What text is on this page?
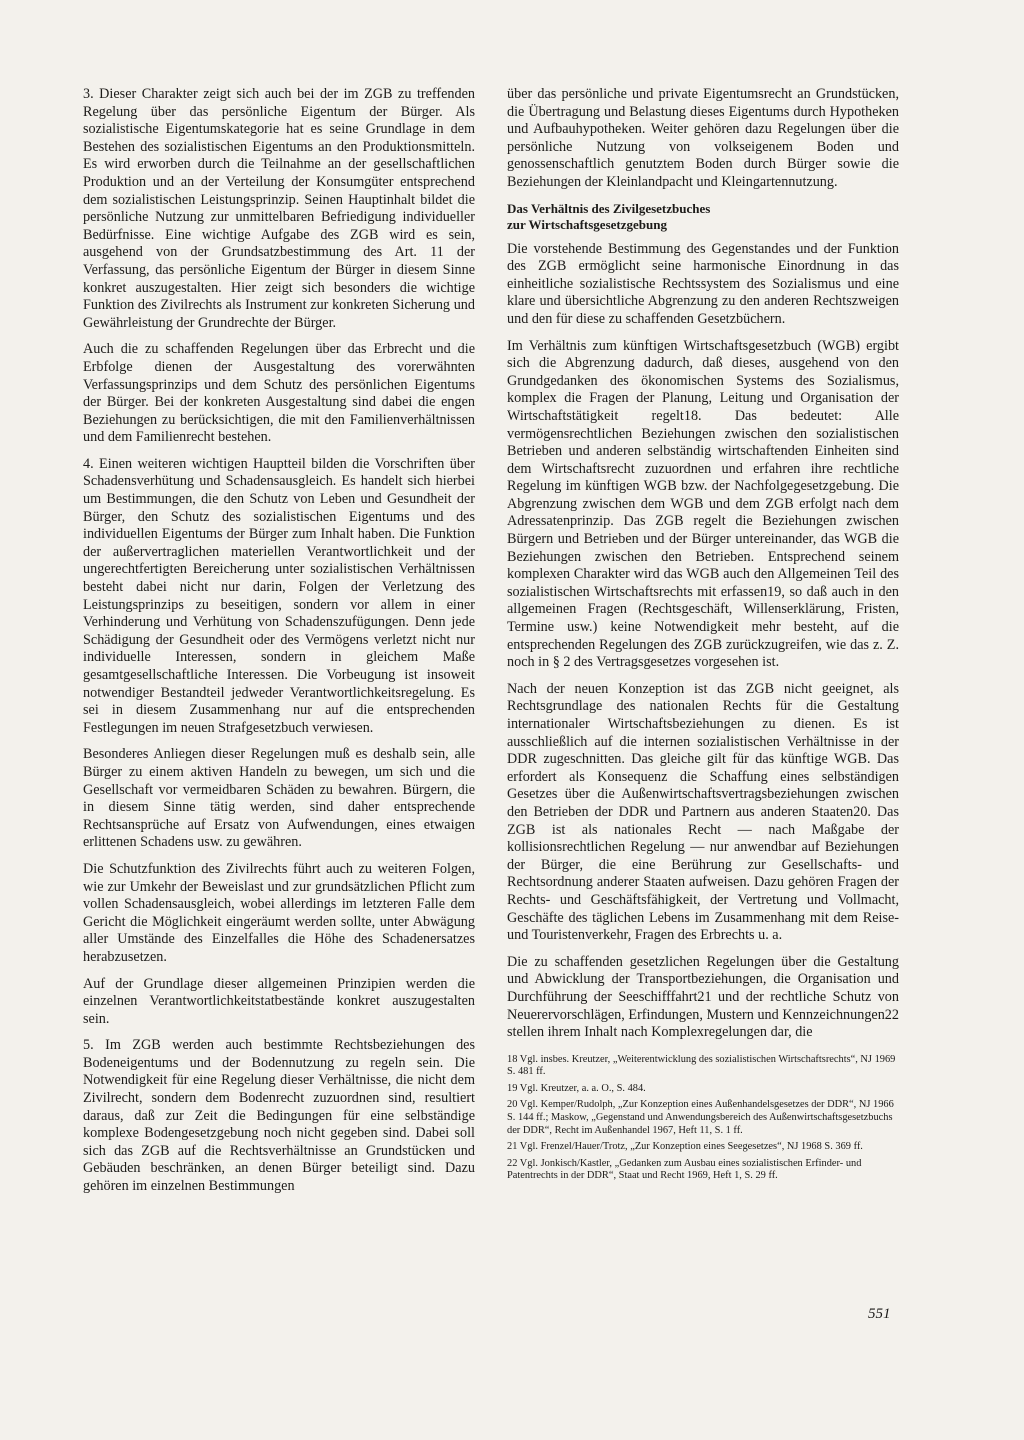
3. Dieser Charakter zeigt sich auch bei der im ZGB zu treffenden Regelung über das persönliche Eigentum der Bürger. Als sozialistische Eigentumskategorie hat es seine Grundlage in dem Bestehen des sozialistischen Eigentums an den Produktionsmitteln. Es wird erworben durch die Teilnahme an der gesellschaftlichen Produktion und an der Verteilung der Konsumgüter entsprechend dem sozialistischen Leistungsprinzip. Seinen Hauptinhalt bildet die persönliche Nutzung zur unmittelbaren Befriedigung individueller Bedürfnisse. Eine wichtige Aufgabe des ZGB wird es sein, ausgehend von der Grundsatzbestimmung des Art. 11 der Verfassung, das persönliche Eigentum der Bürger in diesem Sinne konkret auszugestalten. Hier zeigt sich besonders die wichtige Funktion des Zivilrechts als Instrument zur konkreten Sicherung und Gewährleistung der Grundrechte der Bürger.

Auch die zu schaffenden Regelungen über das Erbrecht und die Erbfolge dienen der Ausgestaltung des vorerwähnten Verfassungsprinzips und dem Schutz des persönlichen Eigentums der Bürger. Bei der konkreten Ausgestaltung sind dabei die engen Beziehungen zu berücksichtigen, die mit den Familienverhältnissen und dem Familienrecht bestehen.

4. Einen weiteren wichtigen Hauptteil bilden die Vorschriften über Schadensverhütung und Schadensausgleich. Es handelt sich hierbei um Bestimmungen, die den Schutz von Leben und Gesundheit der Bürger, den Schutz des sozialistischen Eigentums und des individuellen Eigentums der Bürger zum Inhalt haben. Die Funktion der außervertraglichen materiellen Verantwortlichkeit und der ungerechtfertigten Bereicherung unter sozialistischen Verhältnissen besteht dabei nicht nur darin, Folgen der Verletzung des Leistungsprinzips zu beseitigen, sondern vor allem in einer Verhinderung und Verhütung von Schadenszufügungen. Denn jede Schädigung der Gesundheit oder des Vermögens verletzt nicht nur individuelle Interessen, sondern in gleichem Maße gesamtgesellschaftliche Interessen. Die Vorbeugung ist insoweit notwendiger Bestandteil jedweder Verantwortlichkeitsregelung. Es sei in diesem Zusammenhang nur auf die entsprechenden Festlegungen im neuen Strafgesetzbuch verwiesen.

Besonderes Anliegen dieser Regelungen muß es deshalb sein, alle Bürger zu einem aktiven Handeln zu bewegen, um sich und die Gesellschaft vor vermeidbaren Schäden zu bewahren. Bürgern, die in diesem Sinne tätig werden, sind daher entsprechende Rechtsansprüche auf Ersatz von Aufwendungen, eines etwaigen erlittenen Schadens usw. zu gewähren.

Die Schutzfunktion des Zivilrechts führt auch zu weiteren Folgen, wie zur Umkehr der Beweislast und zur grundsätzlichen Pflicht zum vollen Schadensausgleich, wobei allerdings im letzteren Falle dem Gericht die Möglichkeit eingeräumt werden sollte, unter Abwägung aller Umstände des Einzelfalles die Höhe des Schadenersatzes herabzusetzen.

Auf der Grundlage dieser allgemeinen Prinzipien werden die einzelnen Verantwortlichkeitstatbestände konkret auszugestalten sein.

5. Im ZGB werden auch bestimmte Rechtsbeziehungen des Bodeneigentums und der Bodennutzung zu regeln sein. Die Notwendigkeit für eine Regelung dieser Verhältnisse, die nicht dem Zivilrecht, sondern dem Bodenrecht zuzuordnen sind, resultiert daraus, daß zur Zeit die Bedingungen für eine selbständige komplexe Bodengesetzgebung noch nicht gegeben sind. Dabei soll sich das ZGB auf die Rechtsverhältnisse an Grundstücken und Gebäuden beschränken, an denen Bürger beteiligt sind. Dazu gehören im einzelnen Bestimmungen

über das persönliche und private Eigentumsrecht an Grundstücken, die Übertragung und Belastung dieses Eigentums durch Hypotheken und Aufbauhypotheken. Weiter gehören dazu Regelungen über die persönliche Nutzung von volkseigenem Boden und genossenschaftlich genutztem Boden durch Bürger sowie die Beziehungen der Kleinlandpacht und Kleingartennutzung.

Das Verhältnis des Zivilgesetzbuches
zur Wirtschaftsgesetzgebung

Die vorstehende Bestimmung des Gegenstandes und der Funktion des ZGB ermöglicht seine harmonische Einordnung in das einheitliche sozialistische Rechtssystem des Sozialismus und eine klare und übersichtliche Abgrenzung zu den anderen Rechtszweigen und den für diese zu schaffenden Gesetzbüchern.

Im Verhältnis zum künftigen Wirtschaftsgesetzbuch (WGB) ergibt sich die Abgrenzung dadurch, daß dieses, ausgehend von den Grundgedanken des ökonomischen Systems des Sozialismus, komplex die Fragen der Planung, Leitung und Organisation der Wirtschaftstätigkeit regelt18. Das bedeutet: Alle vermögensrechtlichen Beziehungen zwischen den sozialistischen Betrieben und anderen selbständig wirtschaftenden Einheiten sind dem Wirtschaftsrecht zuzuordnen und erfahren ihre rechtliche Regelung im künftigen WGB bzw. der Nachfolgegesetzgebung. Die Abgrenzung zwischen dem WGB und dem ZGB erfolgt nach dem Adressatenprinzip. Das ZGB regelt die Beziehungen zwischen Bürgern und Betrieben und der Bürger untereinander, das WGB die Beziehungen zwischen den Betrieben. Entsprechend seinem komplexen Charakter wird das WGB auch den Allgemeinen Teil des sozialistischen Wirtschaftsrechts mit erfassen19, so daß auch in den allgemeinen Fragen (Rechtsgeschäft, Willenserklärung, Fristen, Termine usw.) keine Notwendigkeit mehr besteht, auf die entsprechenden Regelungen des ZGB zurückzugreifen, wie das z. Z. noch in § 2 des Vertragsgesetzes vorgesehen ist.

Nach der neuen Konzeption ist das ZGB nicht geeignet, als Rechtsgrundlage des nationalen Rechts für die Gestaltung internationaler Wirtschaftsbeziehungen zu dienen. Es ist ausschließlich auf die internen sozialistischen Verhältnisse in der DDR zugeschnitten. Das gleiche gilt für das künftige WGB. Das erfordert als Konsequenz die Schaffung eines selbständigen Gesetzes über die Außenwirtschaftsvertragsbeziehungen zwischen den Betrieben der DDR und Partnern aus anderen Staaten20. Das ZGB ist als nationales Recht — nach Maßgabe der kollisionsrechtlichen Regelung — nur anwendbar auf Beziehungen der Bürger, die eine Berührung zur Gesellschafts- und Rechtsordnung anderer Staaten aufweisen. Dazu gehören Fragen der Rechts- und Geschäftsfähigkeit, der Vertretung und Vollmacht, Geschäfte des täglichen Lebens im Zusammenhang mit dem Reise- und Touristenverkehr, Fragen des Erbrechts u. a.

Die zu schaffenden gesetzlichen Regelungen über die Gestaltung und Abwicklung der Transportbeziehungen, die Organisation und Durchführung der Seeschifffahrt21 und der rechtliche Schutz von Neuerervorschlägen, Erfindungen, Mustern und Kennzeichnungen22 stellen ihrem Inhalt nach Komplexregelungen dar, die

18 Vgl. insbes. Kreutzer, „Weiterentwicklung des sozialistischen Wirtschaftsrechts“, NJ 1969 S. 481 ff.
19 Vgl. Kreutzer, a. a. O., S. 484.
20 Vgl. Kemper/Rudolph, „Zur Konzeption eines Außenhandelsgesetzes der DDR“, NJ 1966 S. 144 ff.; Maskow, „Gegenstand und Anwendungsbereich des Außenwirtschaftsgesetzbuchs der DDR“, Recht im Außenhandel 1967, Heft 11, S. 1 ff.
21 Vgl. Frenzel/Hauer/Trotz, „Zur Konzeption eines Seegesetzes“, NJ 1968 S. 369 ff.
22 Vgl. Jonkisch/Kastler, „Gedanken zum Ausbau eines sozialistischen Erfinder- und Patentrechts in der DDR“, Staat und Recht 1969, Heft 1, S. 29 ff.
551
